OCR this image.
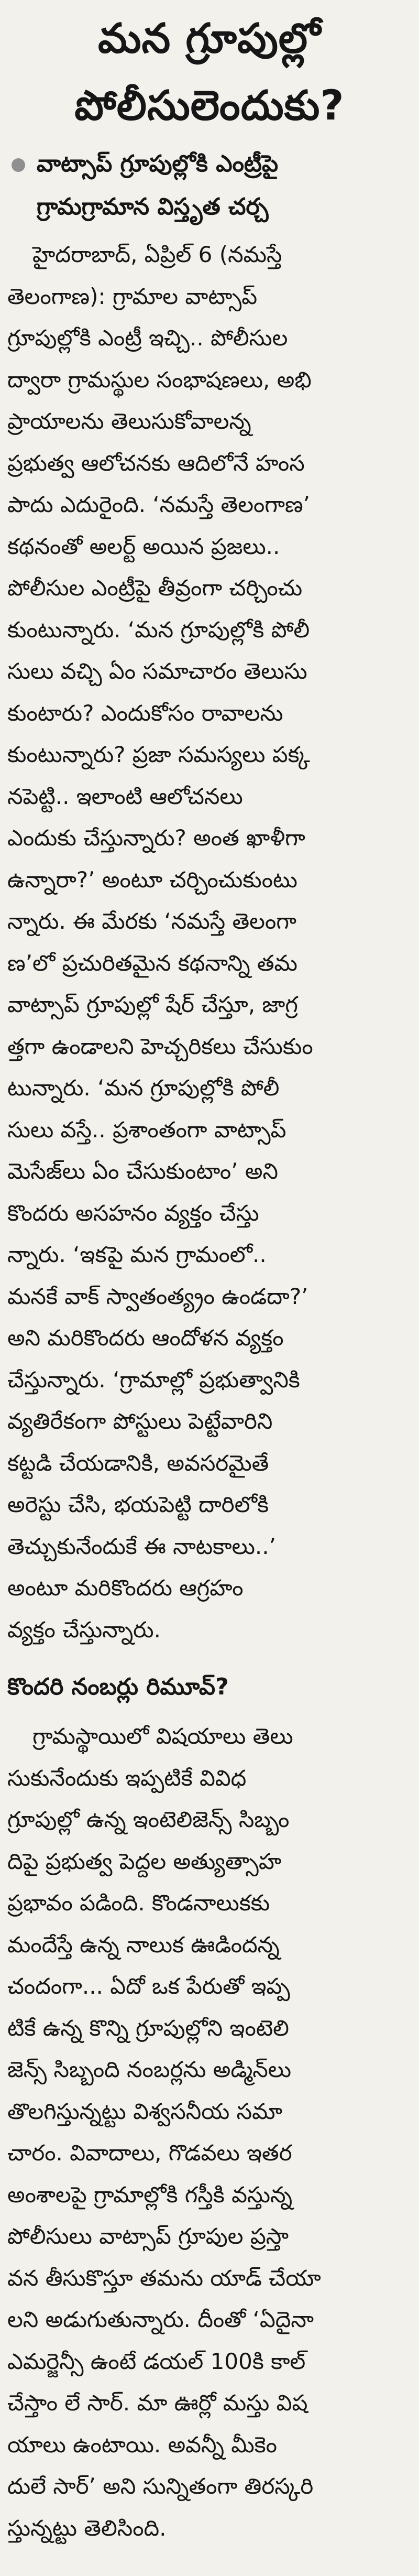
మన గ్రూపుల్లో
పోలీసులెందుకు?
వాట్సాప్ గ్రూపుల్లోకి ఎంట్రీపై
గ్రామగ్రామాన విస్తృత చర్చ
హైదరాబాద్, ఏప్రిల్ 6 (నమస్తే
తెలంగాణ): గ్రామాల వాట్సాప్
గ్రూపుల్లోకి ఎంట్రీ ఇచ్చి.. పోలీసుల
ద్వారా గ్రామస్థుల సంభాషణలు, అభి
ప్రాయాలను తెలుసుకోవాలన్న
ప్రభుత్వ ఆలోచనకు ఆదిలోనే హంస
పాదు ఎదురైంది. ‘నమస్తే తెలంగాణ’
కథనంతో అలర్ట్ అయిన ప్రజలు..
పోలీసుల ఎంట్రీపై తీవ్రంగా చర్చించు
కుంటున్నారు. ‘మన గ్రూపుల్లోకి పోలీ
సులు వచ్చి ఏం సమాచారం తెలుసు
కుంటారు? ఎందుకోసం రావాలను
కుంటున్నారు? ప్రజా సమస్యలు పక్క
నపెట్టి.. ఇలాంటి ఆలోచనలు
ఎందుకు చేస్తున్నారు? అంత ఖాళీగా
ఉన్నారా?’ అంటూ చర్చించుకుంటు
న్నారు. ఈ మేరకు ‘నమస్తే తెలంగా
ణ’లో ప్రచురితమైన కథనాన్ని తమ
వాట్సాప్ గ్రూపుల్లో షేర్ చేస్తూ, జాగ్ర
త్తగా ఉండాలని హెచ్చరికలు చేసుకుం
టున్నారు. ‘మన గ్రూపుల్లోకి పోలీ
సులు వస్తే.. ప్రశాంతంగా వాట్సాప్
మెసేజ్‌లు ఏం చేసుకుంటాం’ అని
కొందరు అసహనం వ్యక్తం చేస్తు
న్నారు. ‘ఇకపై మన గ్రామంలో..
మనకే వాక్ స్వాతంత్య్రం ఉండదా?’
అని మరికొందరు ఆందోళన వ్యక్తం
చేస్తున్నారు. ‘గ్రామాల్లో ప్రభుత్వానికి
వ్యతిరేకంగా పోస్టులు పెట్టేవారిని
కట్టడి చేయడానికి, అవసరమైతే
అరెస్టు చేసి, భయపెట్టి దారిలోకి
తెచ్చుకునేందుకే ఈ నాటకాలు..’
అంటూ మరికొందరు ఆగ్రహం
వ్యక్తం చేస్తున్నారు.
కొందరి నంబర్లు రిమూవ్?
గ్రామస్థాయిలో విషయాలు తెలు
సుకునేందుకు ఇప్పటికే వివిధ
గ్రూపుల్లో ఉన్న ఇంటెలిజెన్స్ సిబ్బం
దిపై ప్రభుత్వ పెద్దల అత్యుత్సాహ
ప్రభావం పడింది. కొండనాలుకకు
మందేస్తే ఉన్న నాలుక ఊడిందన్న
చందంగా... ఏదో ఒక పేరుతో ఇప్ప
టికే ఉన్న కొన్ని గ్రూపుల్లోని ఇంటెలి
జెన్స్ సిబ్బంది నంబర్లను అడ్మిన్‌లు
తొలగిస్తున్నట్టు విశ్వసనీయ సమా
చారం. వివాదాలు, గొడవలు ఇతర
అంశాలపై గ్రామాల్లోకి గస్తీకి వస్తున్న
పోలీసులు వాట్సాప్ గ్రూపుల ప్రస్తా
వన తీసుకొస్తూ తమను యాడ్ చేయా
లని అడుగుతున్నారు. దీంతో ‘ఏదైనా
ఎమర్జెన్సీ ఉంటే డయల్ 100కి కాల్
చేస్తాం లే సార్. మా ఊర్లో మస్తు విష
యాలు ఉంటాయి. అవన్నీ మీకెం
దులే సార్’ అని సున్నితంగా తిరస్కరి
స్తున్నట్టు తెలిసింది.
